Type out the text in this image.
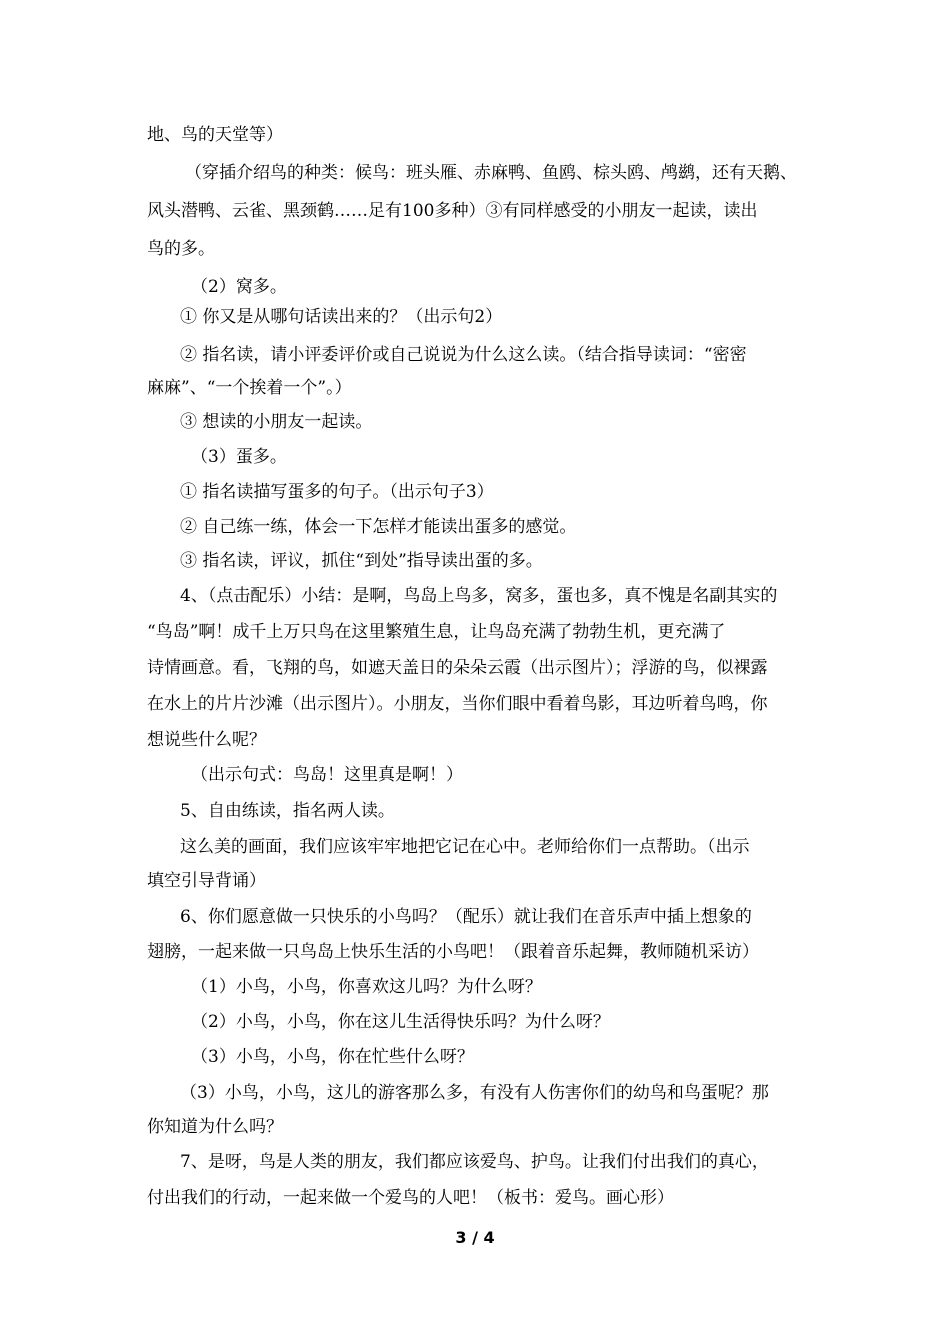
地、鸟的天堂等）
（穿插介绍鸟的种类：候鸟：班头雁、赤麻鸭、鱼鸥、棕头鸥、鸬鹚，还有天鹅、
风头潜鸭、云雀、黑颈鹤……足有100多种）③有同样感受的小朋友一起读，读出
鸟的多。
（2）窝多。
① 你又是从哪句话读出来的？（出示句2）
② 指名读，请小评委评价或自己说说为什么这么读。（结合指导读词：“密密
麻麻”、“一个挨着一个”。）
③ 想读的小朋友一起读。
（3）蛋多。
① 指名读描写蛋多的句子。（出示句子3）
② 自己练一练，体会一下怎样才能读出蛋多的感觉。
③ 指名读，评议，抓住“到处”指导读出蛋的多。
4、（点击配乐）小结：是啊，鸟岛上鸟多，窝多，蛋也多，真不愧是名副其实的
“鸟岛”啊！成千上万只鸟在这里繁殖生息，让鸟岛充满了勃勃生机，更充满了
诗情画意。看，飞翔的鸟，如遮天盖日的朵朵云霞（出示图片）；浮游的鸟，似裸露
在水上的片片沙滩（出示图片）。小朋友，当你们眼中看着鸟影，耳边听着鸟鸣，你
想说些什么呢？
（出示句式：鸟岛！这里真是啊！）
5、自由练读，指名两人读。
这么美的画面，我们应该牢牢地把它记在心中。老师给你们一点帮助。（出示
填空引导背诵）
6、你们愿意做一只快乐的小鸟吗？（配乐）就让我们在音乐声中插上想象的
翅膀，一起来做一只鸟岛上快乐生活的小鸟吧！（跟着音乐起舞，教师随机采访）
（1）小鸟，小鸟，你喜欢这儿吗？为什么呀？
（2）小鸟，小鸟，你在这儿生活得快乐吗？为什么呀？
（3）小鸟，小鸟，你在忙些什么呀？
（3）小鸟，小鸟，这儿的游客那么多，有没有人伤害你们的幼鸟和鸟蛋呢？那
你知道为什么吗？
7、是呀，鸟是人类的朋友，我们都应该爱鸟、护鸟。让我们付出我们的真心，
付出我们的行动，一起来做一个爱鸟的人吧！（板书：爱鸟。画心形）
3 / 4
